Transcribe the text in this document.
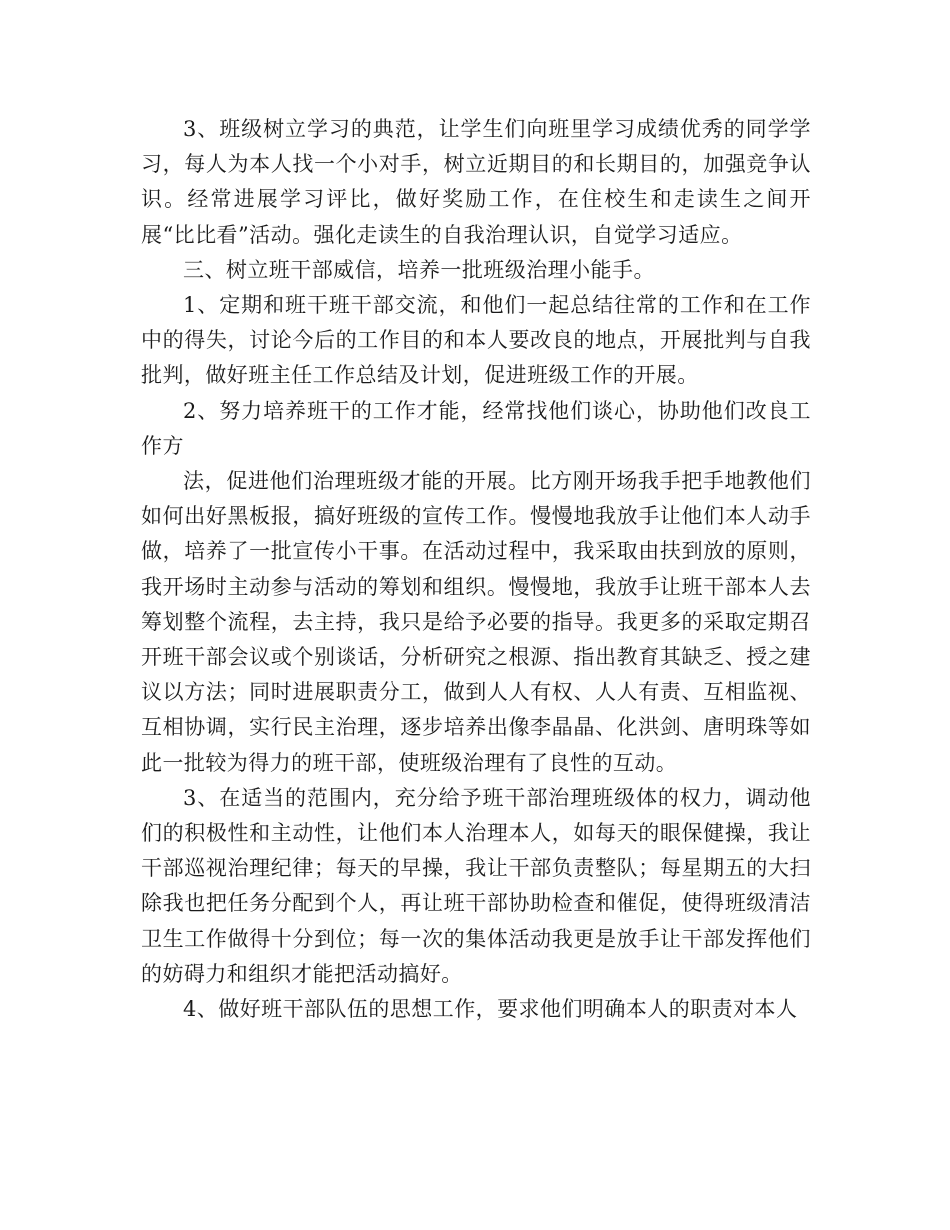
3、班级树立学习的典范，让学生们向班里学习成绩优秀的同学学习，每人为本人找一个小对手，树立近期目的和长期目的，加强竞争认识。经常进展学习评比，做好奖励工作，在住校生和走读生之间开展“比比看”活动。强化走读生的自我治理认识，自觉学习适应。

三、树立班干部威信，培养一批班级治理小能手。

1、定期和班干班干部交流，和他们一起总结往常的工作和在工作中的得失，讨论今后的工作目的和本人要改良的地点，开展批判与自我批判，做好班主任工作总结及计划，促进班级工作的开展。

2、努力培养班干的工作才能，经常找他们谈心，协助他们改良工作方

法，促进他们治理班级才能的开展。比方刚开场我手把手地教他们如何出好黑板报，搞好班级的宣传工作。慢慢地我放手让他们本人动手做，培养了一批宣传小干事。在活动过程中，我采取由扶到放的原则，我开场时主动参与活动的筹划和组织。慢慢地，我放手让班干部本人去筹划整个流程，去主持，我只是给予必要的指导。我更多的采取定期召开班干部会议或个别谈话，分析研究之根源、指出教育其缺乏、授之建议以方法；同时进展职责分工，做到人人有权、人人有责、互相监视、互相协调，实行民主治理，逐步培养出像李晶晶、化洪剑、唐明珠等如此一批较为得力的班干部，使班级治理有了良性的互动。

3、在适当的范围内，充分给予班干部治理班级体的权力，调动他们的积极性和主动性，让他们本人治理本人，如每天的眼保健操，我让干部巡视治理纪律；每天的早操，我让干部负责整队；每星期五的大扫除我也把任务分配到个人，再让班干部协助检查和催促，使得班级清洁卫生工作做得十分到位；每一次的集体活动我更是放手让干部发挥他们的妨碍力和组织才能把活动搞好。

4、做好班干部队伍的思想工作，要求他们明确本人的职责对本人
